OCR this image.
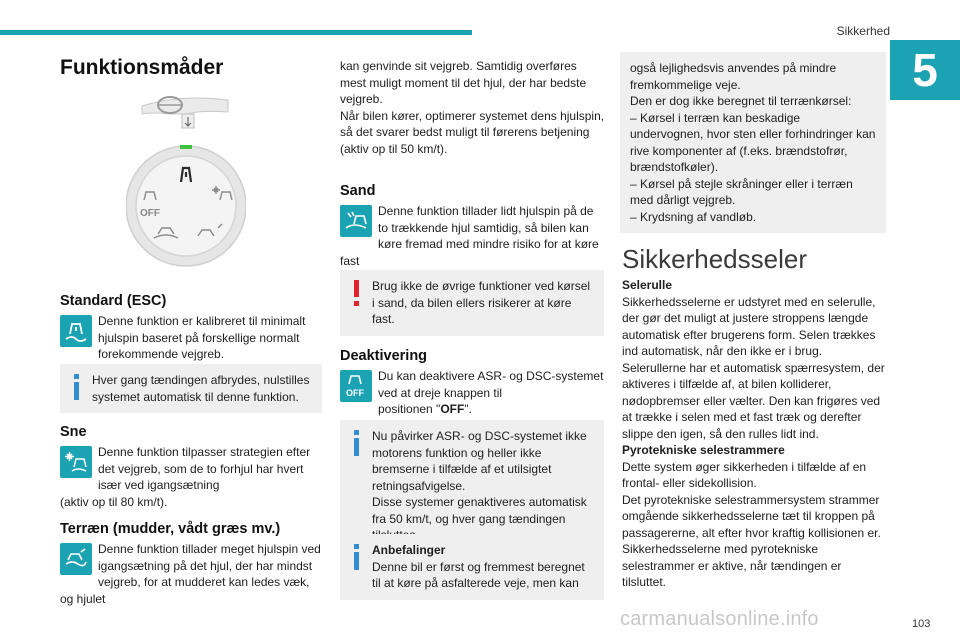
Sikkerhed
5
Funktionsmåder
OFF
Standard (ESC)
Denne funktion er kalibreret til minimalt hjulspin baseret på forskellige normalt
forekommende vejgreb.
Hver gang tændingen afbrydes, nulstilles systemet automatisk til denne funktion.
Sne
Denne funktion tilpasser strategien efter det vejgreb, som de to forhjul har hvert
især ved igangsætning
(aktiv op til 80 km/t).
Terræn (mudder, vådt græs mv.)
Denne funktion tillader meget hjulspin ved igangsætning på det hjul, der har mindst
vejgreb, for at mudderet kan ledes væk, og hjulet
kan genvinde sit vejgreb. Samtidig overføres mest muligt moment til det hjul, der har bedste vejgreb.
Når bilen kører, optimerer systemet dens hjulspin, så det svarer bedst muligt til førerens betjening
(aktiv op til 50 km/t).
Sand
Denne funktion tillader lidt hjulspin på de to trækkende hjul samtidig, så bilen kan
køre fremad med mindre risiko for at køre fast

Brug ikke de øvrige funktioner ved kørsel i sand, da bilen ellers risikerer at køre fast.
Deaktivering
OFF
Du kan deaktivere ASR- og DSC-systemet ved at dreje knappen til
positionen "OFF".
Nu påvirker ASR- og DSC-systemet ikke motorens funktion og heller ikke bremserne i tilfælde af et utilsigtet retningsafvigelse.
Disse systemer genaktiveres automatisk fra 50 km/t, og hver gang tændingen
Anbefalinger
Denne bil er først og fremmest beregnet til at køre på asfalterede veje, men kan
også lejlighedsvis anvendes på mindre fremkommelige veje.
Den er dog ikke beregnet til terrænkørsel:
– Kørsel i terræn kan beskadige undervognen, hvor sten eller forhindringer kan rive komponenter af (f.eks. brændstofrør, brændstofkøler).
– Kørsel på stejle skråninger eller i terræn med dårligt vejgreb.
– Krydsning af vandløb.
Sikkerhedsseler
Selerulle
Sikkerhedsselerne er udstyret med en selerulle, der gør det muligt at justere stroppens længde automatisk efter brugerens form. Selen trækkes ind automatisk, når den ikke er i brug.
Selerullerne har et automatisk spærresystem, der aktiveres i tilfælde af, at bilen kolliderer, nødopbremser eller vælter. Den kan frigøres ved at trække i selen med et fast træk og derefter slippe den igen, så den rulles lidt ind.
Pyrotekniske selestrammere
Dette system øger sikkerheden i tilfælde af en frontal- eller sidekollision.
Det pyrotekniske selestrammersystem strammer omgående sikkerhedsselerne tæt til kroppen på passagererne, alt efter hvor kraftig kollisionen er.
Sikkerhedsselerne med pyrotekniske selestrammer er aktive, når tændingen er tilsluttet.
carmanualsonline.info	103
